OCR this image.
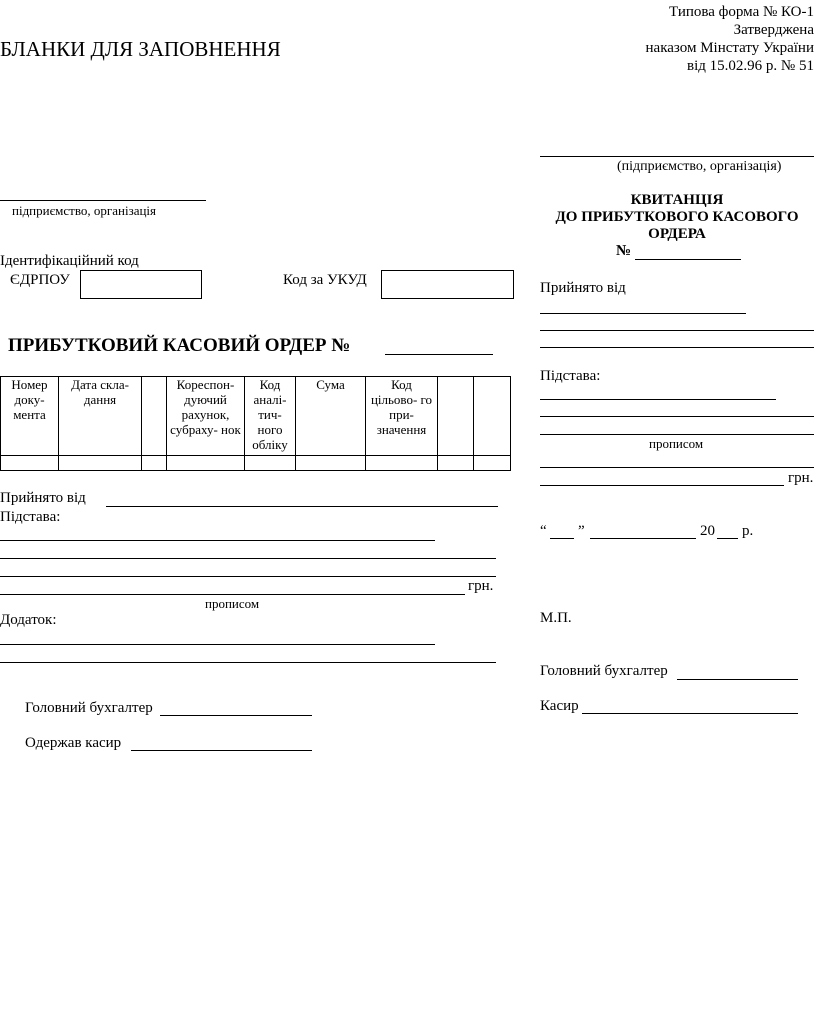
БЛАНКИ ДЛЯ ЗАПОВНЕННЯ
Типова форма № КО-1
Затверджена
наказом Мінстату України
від 15.02.96 р. № 51
підприємство, організація
Ідентифікаційний код
ЄДРПОУ	Код за УКУД
ПРИБУТКОВИЙ КАСОВИЙ ОРДЕР №
Номер доку- мента	Дата скла- дання		Кореспон- дуючий рахунок, субраху- нок	Код аналі- тич- ного обліку	Сума	Код цільово- го при- значення		

Прийнято від
Підстава:
грн.
прописом
Додаток:
Головний бухгалтер
Одержав касир
(підприємство, організація)
КВИТАНЦІЯ
ДО ПРИБУТКОВОГО КАСОВОГО
ОРДЕРА
№
Прийнято від
Підстава:
прописом
грн.
“ ”	20 р.
М.П.
Головний бухгалтер
Касир
